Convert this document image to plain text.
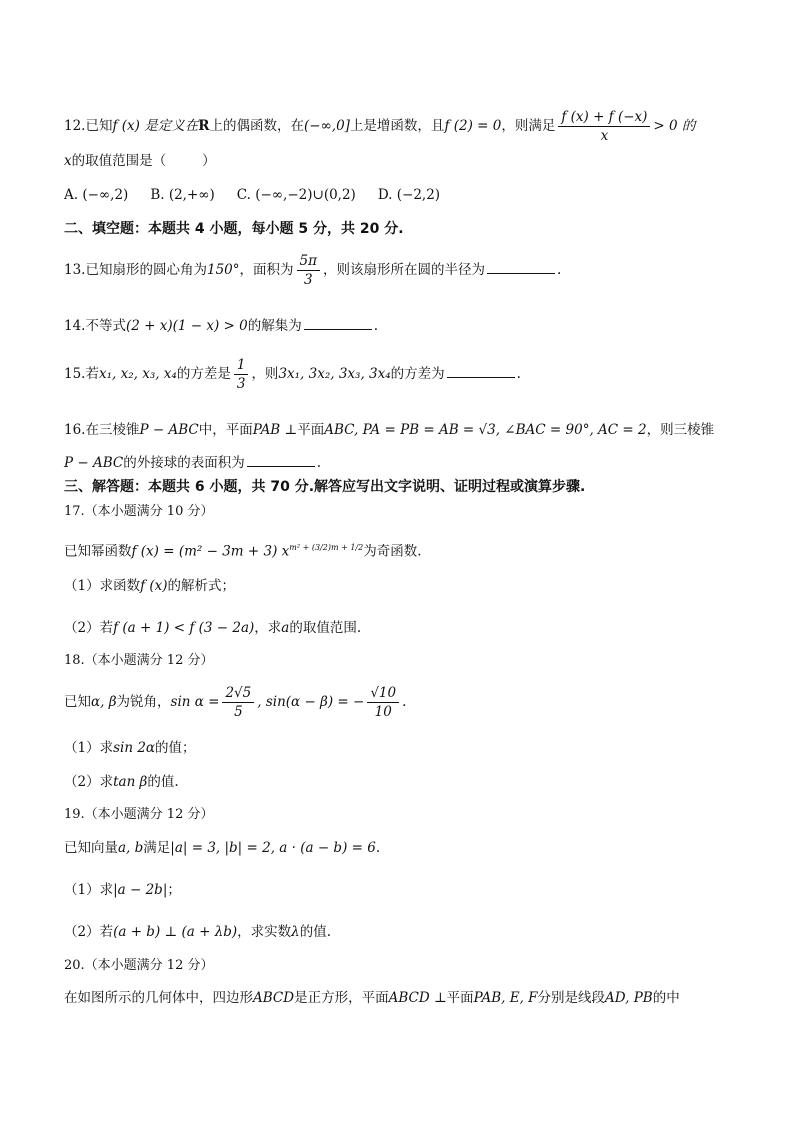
12.已知f (x) 是定义在R上的偶函数，在(−∞,0]上是增函数，且f (2) = 0，则满足 $\frac{f (x) + f (-x)}{x} > 0$ 的
x的取值范围是（	）
A. (−∞,2) B. (2,+∞) C. (−∞,−2)∪(0,2) D. (−2,2)
二、填空题：本题共 4 小题，每小题 5 分，共 20 分.
13.已知扇形的圆心角为150°，面积为 $\frac{5\pi}{3}$ ，则该扇形所在圆的半径为	.
14.不等式(2 + x)(1 − x) > 0的解集为	.
15.若x₁, x₂, x₃, x₄的方差是 $\frac{1}{3}$ ，则3x₁, 3x₂, 3x₃, 3x₄的方差为	.
16.在三棱锥P − ABC中，平面PAB ⊥平面ABC, PA = PB = AB = √3, ∠BAC = 90°, AC = 2，则三棱锥
P − ABC的外接球的表面积为	.
三、解答题：本题共 6 小题，共 70 分.解答应写出文字说明、证明过程或演算步骤.
17.（本小题满分 10 分）
已知幂函数f (x) = (m² − 3m + 3) $x^{m^2 + (3/2)m + 1/2}$为奇函数.
（1）求函数f (x)的解析式；
（2）若f (a + 1) < f (3 − 2a)，求a的取值范围.
18.（本小题满分 12 分）
已知α, β为锐角，$\sin \alpha = \frac{2√5}{5}$ , sin(α − β) = − $\frac{√10}{10}$ .
（1）求sin 2α的值；
（2）求tan β的值.
19.（本小题满分 12 分）
已知向量a, b满足|a| = 3, |b| = 2, a · (a − b) = 6.
（1）求|a − 2b|；
（2）若(a + b) ⊥ (a + λb)，求实数λ的值.
20.（本小题满分 12 分）
在如图所示的几何体中，四边形ABCD是正方形，平面ABCD ⊥平面PAB, E, F分别是线段AD, PB的中
